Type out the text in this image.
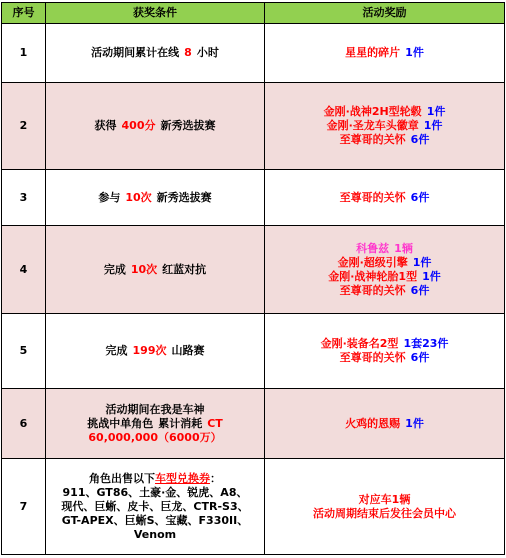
序号	获奖条件	活动奖励
1	活动期间累计在线 8 小时	星星的碎片 1件
2	获得 400分 新秀选拔赛	金刚·战神2H型轮毂 1件
金刚·圣龙车头徽章 1件
至尊哥的关怀 6件

3	参与 10次 新秀选拔赛	至尊哥的关怀 6件
4	完成 10次 红蓝对抗	科鲁兹 1辆
金刚·超级引擎 1件
金刚·战神轮胎1型 1件
至尊哥的关怀 6件

5	完成 199次 山路赛	金刚·装备名2型 1套23件
至尊哥的关怀 6件

6	活动期间在我是车神
挑战中单角色 累计消耗 CT
60,000,000（6000万）	火鸡的恩赐 1件
7	角色出售以下车型兑换券：
911、GT86、土豪·金、锐虎、A8、
现代、巨蜥、皮卡、巨龙、CTR-S3、
GT-APEX、巨蜥S、宝藏、F330II、
Venom	对应车1辆
活动周期结束后发往会员中心
